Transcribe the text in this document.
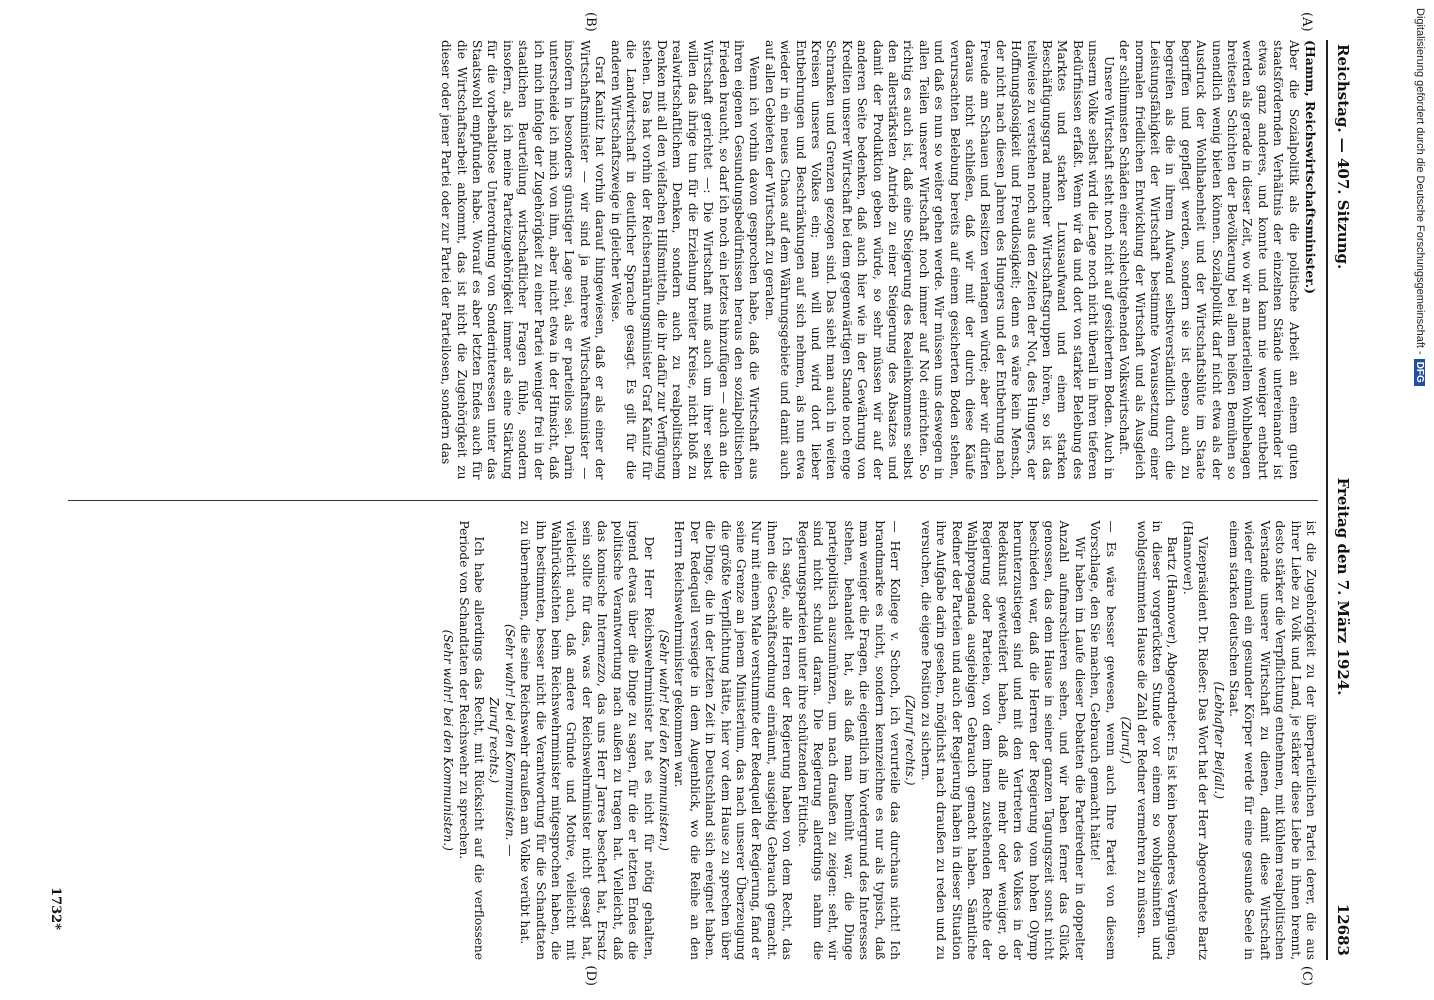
Reichstag. — 407. Sitzung.
Freitag den 7. März 1924.
12683
(A)
(B)
(C)
(D)
(Hamm, Reichswirtschaftsminister.)

Aber die Sozialpolitik als die politische Arbeit an einem guten staatsfördernden Verhältnis der einzelnen Stände untereinander ist etwas ganz anderes, und konnte und kann nie weniger entbehrt werden als gerade in dieser Zeit, wo wir an materiellem Wohlbehagen breitesten Schichten der Bevölkerung bei allem heißen Bemühen so unendlich wenig bieten können. Sozialpolitik darf nicht etwa als der Ausdruck der Wohlhabenheit und der Wirtschaftsblüte im Staate begriffen und gepflegt werden, sondern sie ist ebenso auch zu begreifen als die in ihrem Aufwand selbstverständlich durch die Leistungsfähigkeit der Wirtschaft bestimmte Voraussetzung einer normalen friedlichen Entwicklung der Wirtschaft und als Ausgleich der schlimmsten Schäden einer schlechtgehenden Volkswirtschaft.

Unsere Wirtschaft steht noch nicht auf gesichertem Boden. Auch in unserm Volke selbst wird die Lage noch nicht überall in ihren tieferen Bedürfnissen erfaßt. Wenn wir da und dort von starker Belebung des Marktes und starken Luxusaufwand und einem starken Beschäftigungsgrad mancher Wirtschaftsgruppen hören, so ist das teilweise zu verstehen noch aus den Zeiten der Not, des Hungers, der Hoffnungslosigkeit und Freudlosigkeit; denn es wäre kein Mensch, der nicht nach diesen Jahren des Hungers und der Entbehrung nach Freude am Schauen und Besitzen verlangen würde; aber wir dürfen daraus nicht schließen, daß wir mit der durch diese Käufe verursachten Belebung bereits auf einem gesicherten Boden stehen, und daß es nun so weiter gehen werde. Wir müssen uns deswegen in allen Teilen unserer Wirtschaft noch immer auf Not einrichten. So richtig es auch ist, daß eine Steigerung des Realeinkommens selbst den allerstärksten Antrieb zu einer Steigerung des Absatzes und damit der Produktion geben würde, so sehr müssen wir auf der anderen Seite bedenken, daß auch hier wie in der Gewährung von Krediten unserer Wirtschaft bei dem gegenwärtigen Stande noch enge Schranken und Grenzen gezogen sind. Das sieht man auch in weiten Kreisen unseres Volkes ein; man will und wird dort lieber Entbehrungen und Beschränkungen auf sich nehmen, als nun etwa wieder in ein neues Chaos auf dem Währungsgebiete und damit auch auf allen Gebieten der Wirtschaft zu geraten.

Wenn ich vorhin davon gesprochen habe, daß die Wirtschaft aus ihren eigenen Gesundungsbedürfnissen heraus den sozialpolitischen Frieden braucht, so darf ich noch ein letztes hinzufügen — auch an die Wirtschaft gerichtet —: Die Wirtschaft muß auch um ihrer selbst willen das ihrige tun für die Erziehung breiter Kreise, nicht bloß zu realwirtschaftlichem Denken, sondern auch zu realpolitischem Denken mit all den vielfachen Hilfsmitteln, die ihr dafür zur Verfügung stehen. Das hat vorhin der Reichsernährungsminister Graf Kanitz für die Landwirtschaft in deutlicher Sprache gesagt. Es gilt für die anderen Wirtschaftszweige in gleicher Weise.

Graf Kanitz hat vorhin darauf hingewiesen, daß er als einer der Wirtschaftsminister — wir sind ja mehrere Wirtschaftsminister — insofern in besonders günstiger Lage sei, als er parteilos sei. Darin unterscheide ich mich von ihm, aber nicht etwa in der Hinsicht, daß ich mich infolge der Zugehörigkeit zu einer Partei weniger frei in der staatlichen Beurteilung wirtschaftlicher Fragen fühle, sondern insofern, als ich meine Parteizugehörigkeit immer als eine Stärkung für die vorbehaltlose Unterordnung von Sonderinteressen unter das Staatswohl empfunden habe. Worauf es aber letzten Endes auch für die Wirtschaftsarbeit ankommt, das ist nicht die Zugehörigkeit zu dieser oder jener Partei oder zur Partei der Parteilosen, sondern das

ist die Zugehörigkeit zu der überparteilichen Partei derer, die aus ihrer Liebe zu Volk und Land, je stärker diese Liebe in ihnen brennt, desto stärker die Verpflichtung entnehmen, mit kühlem realpolitischen Verstande unserer Wirtschaft zu dienen, damit diese Wirtschaft wieder einmal ein gesunder Körper werde für eine gesunde Seele in einem starken deutschen Staat.

(Lebhafter Beifall.)

Vizepräsident Dr. Rießer: Das Wort hat der Herr Abgeordnete Bartz (Hannover).

Bartz (Hannover), Abgeordneter: Es ist kein besonderes Vergnügen, in dieser vorgerückten Stunde vor einem so wohlgesinnten und wohlgestimmten Hause die Zahl der Redner vermehren zu müssen.

(Zuruf.)

— Es wäre besser gewesen, wenn auch Ihre Partei von diesem Vorschlage, den Sie machen, Gebrauch gemacht hätte!

Wir haben im Laufe dieser Debatten die Parteiredner in doppelter Anzahl aufmarschieren sehen, und wir haben ferner das Glück genossen, das dem Hause in seiner ganzen Tagungszeit sonst nicht beschieden war, daß die Herren der Regierung vom hohen Olymp herunterzustiegen sind und mit den Vertretern des Volkes in der Redekunst gewetteifert haben, daß alle mehr oder weniger, ob Regierung oder Parteien, von dem ihnen zustehenden Rechte der Wahlpropaganda ausgiebigen Gebrauch gemacht haben. Sämtliche Redner der Parteien und auch der Regierung haben in dieser Situation ihre Aufgabe darin gesehen, möglichst nach draußen zu reden und zu versuchen, die eigene Position zu sichern.

(Zuruf rechts.)

— Herr Kollege v. Schoch, ich verurteile das durchaus nicht! Ich brandmarke es nicht, sondern kennzeichne es nur als typisch, daß man weniger die Fragen, die eigentlich im Vordergrund des Interesses stehen, behandelt hat, als daß man bemüht war, die Dinge parteipolitisch auszumünzen, um nach draußen zu zeigen: seht, wir sind nicht schuld daran. Die Regierung allerdings nahm die Regierungsparteien unter ihre schützenden Fittiche.

Ich sagte, alle Herren der Regierung haben von dem Recht, das ihnen die Geschäftsordnung einräumt, ausgiebig Gebrauch gemacht. Nur mit einem Male verstummte der Redequell der Regierung, fand er seine Grenze an jenem Ministerium, das nach unserer Überzeugung die größte Verpflichtung hätte, hier vor dem Hause zu sprechen über die Dinge, die in der letzten Zeit in Deutschland sich ereignet haben. Der Redequell versiegte in dem Augenblick, wo die Reihe an den Herrn Reichswehrminister gekommen war.

(Sehr wahr! bei den Kommunisten.)

Der Herr Reichswehrminister hat es nicht für nötig gehalten, irgend etwas über die Dinge zu sagen, für die er letzten Endes die politische Verantwortung nach außen zu tragen hat. Vielleicht, daß das komische Intermezzo, das uns Herr Jarres beschert hat, Ersatz sein sollte für das, was der Reichswehrminister nicht gesagt hat, vielleicht auch, daß andere Gründe und Motive, vielleicht mit Wahlrücksichten beim Reichswehrminister mitgesprochen haben, die ihn bestimmten, besser nicht die Verantwortung für die Schandtaten zu übernehmen, die seine Reichswehr draußen am Volke verübt hat.

(Sehr wahr! bei den Kommunisten. —

Zuruf rechts.)

Ich habe allerdings das Recht, mit Rücksicht auf die verflossene Periode von Schandtaten der Reichswehr zu sprechen.

(Sehr wahr! bei den Kommunisten.)

1732*
Digitalisierung gefördert durch die Deutsche Forschungsgemeinschaft -
DFG
